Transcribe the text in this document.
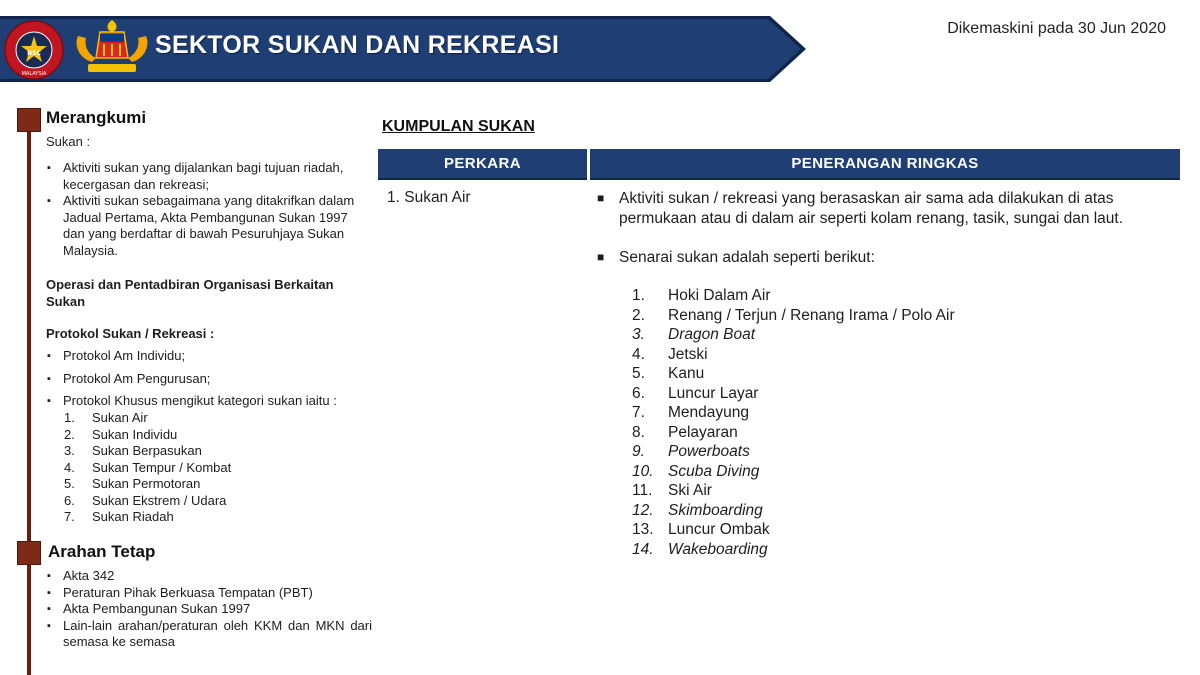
NSC
MALAYSIA
SEKTOR SUKAN DAN REKREASI
Dikemaskini pada 30 Jun 2020
Merangkumi
Sukan :
▪ Aktiviti sukan yang dijalankan bagi tujuan riadah, kecergasan dan rekreasi;
▪ Aktiviti sukan sebagaimana yang ditakrifkan dalam Jadual Pertama, Akta Pembangunan Sukan 1997 dan yang berdaftar di bawah Pesuruhjaya Sukan Malaysia.
Operasi dan Pentadbiran Organisasi Berkaitan Sukan
Protokol Sukan / Rekreasi :
▪ Protokol Am Individu;
▪ Protokol Am Pengurusan;
▪ Protokol Khusus mengikut kategori sukan iaitu :
1.	Sukan Air
2.	Sukan Individu
3.	Sukan Berpasukan
4.	Sukan Tempur / Kombat
5.	Sukan Permotoran
6.	Sukan Ekstrem / Udara
7.	Sukan Riadah
Arahan Tetap
▪ Akta 342
▪ Peraturan Pihak Berkuasa Tempatan (PBT)
▪ Akta Pembangunan Sukan 1997
▪ Lain-lain arahan/peraturan oleh KKM dan MKN dari semasa ke semasa
KUMPULAN SUKAN
PERKARA	PENERANGAN RINGKAS
1. Sukan Air	■ Aktiviti sukan / rekreasi yang berasaskan air sama ada dilakukan di atas permukaan atau di dalam air seperti kolam renang, tasik, sungai dan laut.
■ Senarai sukan adalah seperti berikut:
1.	Hoki Dalam Air
2.	Renang / Terjun / Renang Irama / Polo Air
3.	Dragon Boat
4.	Jetski
5.	Kanu
6.	Luncur Layar
7.	Mendayung
8.	Pelayaran
9.	Powerboats
10. Scuba Diving
11.	Ski Air
12. Skimboarding
13. Luncur Ombak
14. Wakeboarding
